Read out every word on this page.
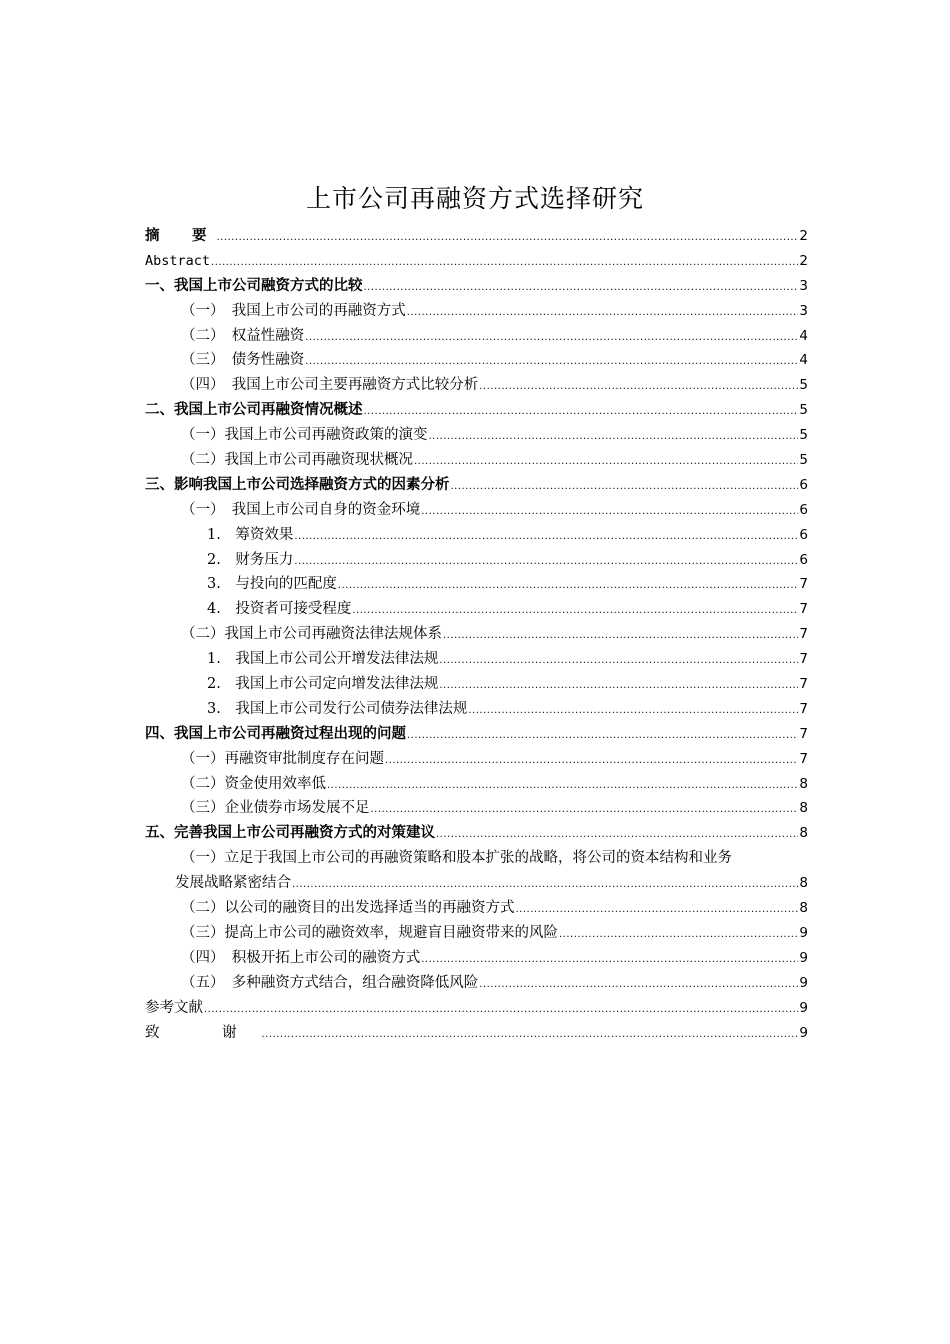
上市公司再融资方式选择研究
摘　要 .....	2
Abstract .....	2
一、我国上市公司融资方式的比较 .....	3
（一）　我国上市公司的再融资方式 .....	3
（二）　权益性融资 .....	4
（三）　债务性融资 .....	4
（四）　我国上市公司主要再融资方式比较分析 .....	5
二、我国上市公司再融资情况概述 .....	5
（一）我国上市公司再融资政策的演变 .....	5
（二）我国上市公司再融资现状概况 .....	5
三、影响我国上市公司选择融资方式的因素分析 .....	6
（一）　我国上市公司自身的资金环境 .....	6
1.　筹资效果 .....	6
2.　财务压力 .....	6
3.　与投向的匹配度 .....	7
4.　投资者可接受程度 .....	7
（二）我国上市公司再融资法律法规体系 .....	7
1.　我国上市公司公开增发法律法规 .....	7
2.　我国上市公司定向增发法律法规 .....	7
3.　我国上市公司发行公司债券法律法规 .....	7
四、我国上市公司再融资过程出现的问题 .....	7
（一）再融资审批制度存在问题 .....	7
（二）资金使用效率低 .....	8
（三）企业债券市场发展不足 .....	8
五、完善我国上市公司再融资方式的对策建议 .....	8
（一）立足于我国上市公司的再融资策略和股本扩张的战略，将公司的资本结构和业务
发展战略紧密结合 .....	8
（二）以公司的融资目的出发选择适当的再融资方式 .....	8
（三）提高上市公司的融资效率，规避盲目融资带来的风险 .....	9
（四）　积极开拓上市公司的融资方式 .....	9
（五）　多种融资方式结合，组合融资降低风险 .....	9
参考文献 .....	9
致　谢 .....	9
